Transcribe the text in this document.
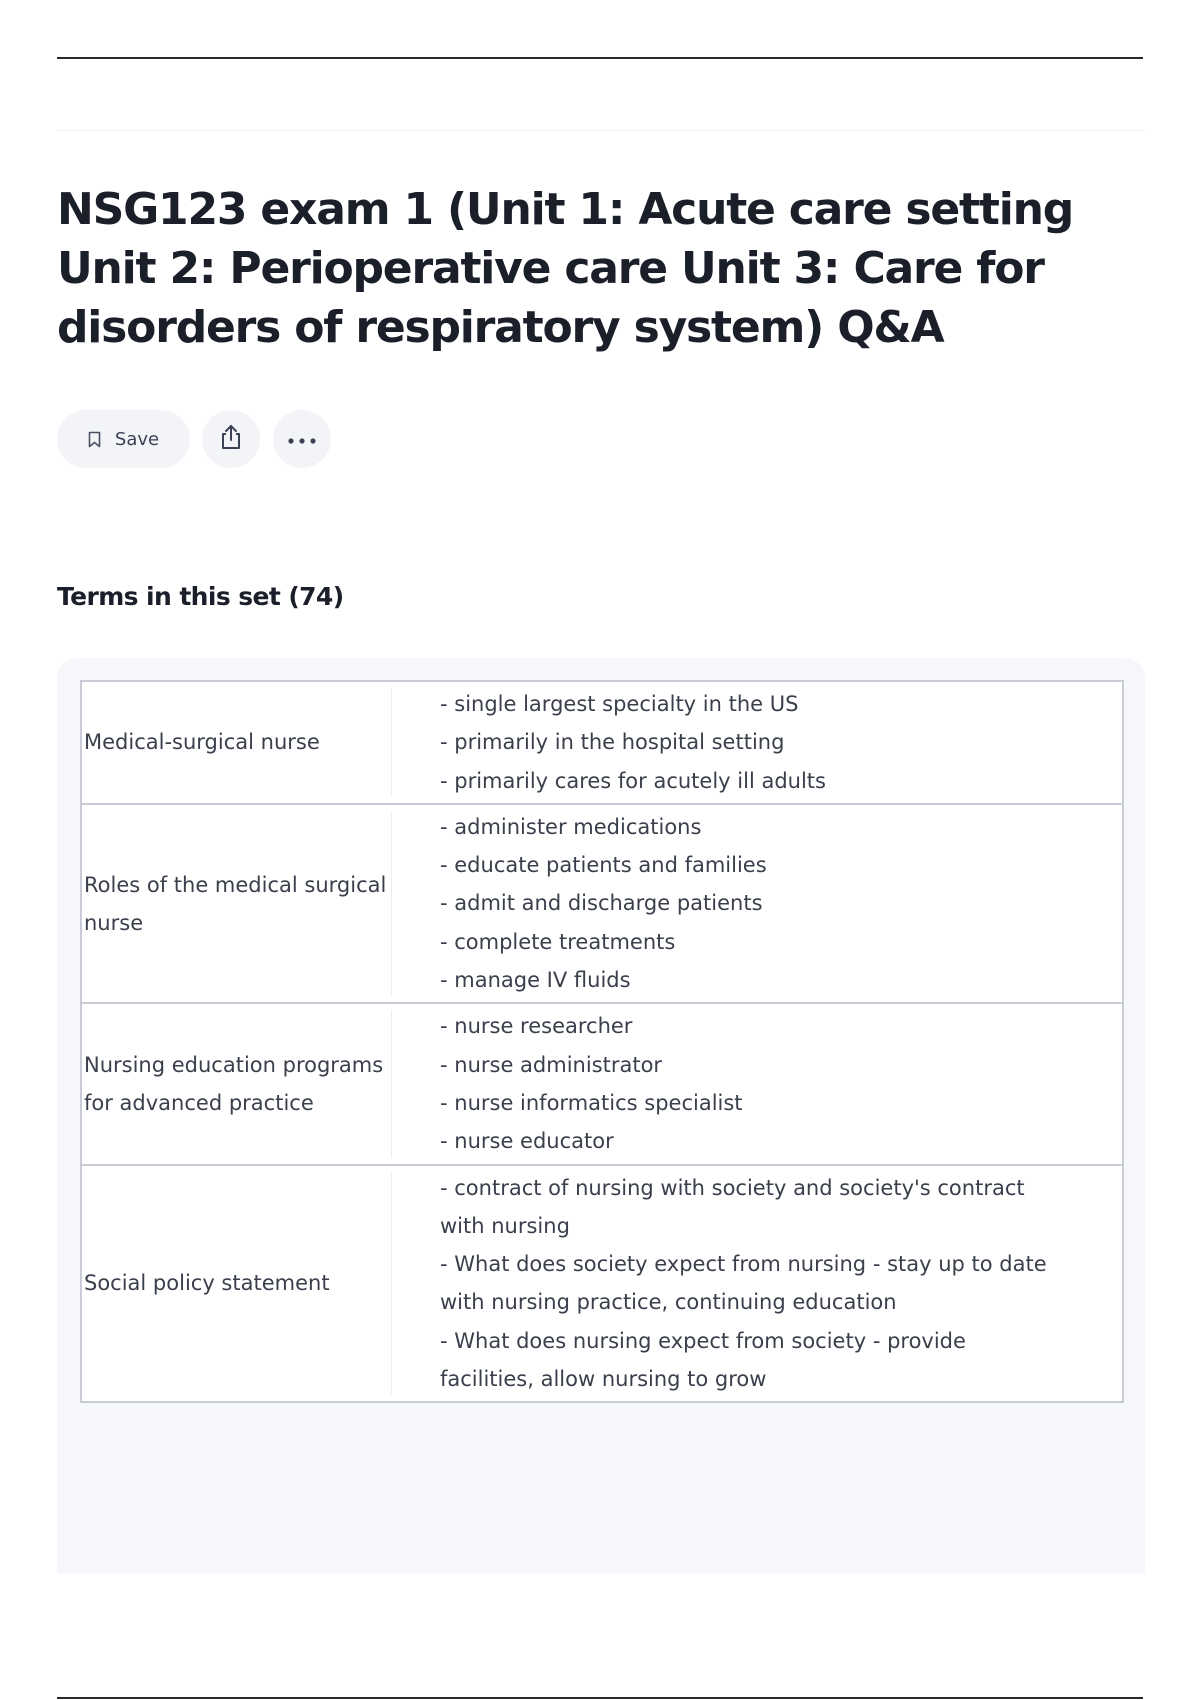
NSG123 exam 1 (Unit 1: Acute care setting Unit 2: Perioperative care Unit 3: Care for disorders of respiratory system) Q&A
Save
Terms in this set (74)
Medical-surgical nurse
- single largest specialty in the US
- primarily in the hospital setting
- primarily cares for acutely ill adults
Roles of the medical surgical nurse
- administer medications
- educate patients and families
- admit and discharge patients
- complete treatments
- manage IV fluids
Nursing education programs for advanced practice
- nurse researcher
- nurse administrator
- nurse informatics specialist
- nurse educator
Social policy statement
- contract of nursing with society and society's contract with nursing
- What does society expect from nursing - stay up to date with nursing practice, continuing education
- What does nursing expect from society - provide facilities, allow nursing to grow
